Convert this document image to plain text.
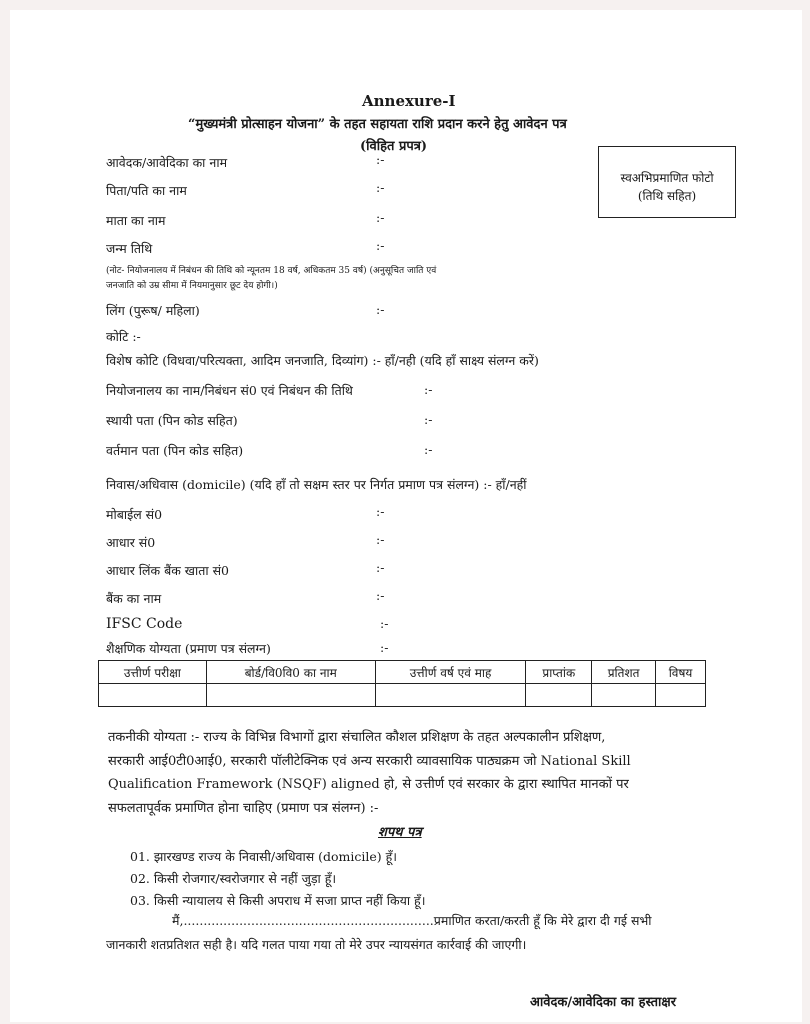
Annexure-I
“मुख्यमंत्री प्रोत्साहन योजना” के तहत सहायता राशि प्रदान करने हेतु आवेदन पत्र
(विहित प्रपत्र)
स्वअभिप्रमाणित फोटो
(तिथि सहित)
आवेदक/आवेदिका का नाम	:-
पिता/पति का नाम	:-
माता का नाम	:-
जन्म तिथि	:-
(नोट- नियोजनालय में निबंधन की तिथि को न्यूनतम 18 वर्ष, अधिकतम 35 वर्ष) (अनुसूचित जाति एवं
जनजाति को उम्र सीमा में नियमानुसार छूट देय होगी।)
लिंग (पुरूष/ महिला)	:-
कोटि :-
विशेष कोटि (विधवा/परित्यक्ता, आदिम जनजाति, दिव्यांग) :- हाँ/नही (यदि हाँ साक्ष्य संलग्न करें)
नियोजनालय का नाम/निबंधन सं0 एवं निबंधन की तिथि	:-
स्थायी पता (पिन कोड सहित)	:-
वर्तमान पता (पिन कोड सहित)	:-
निवास/अधिवास (domicile) (यदि हाँ तो सक्षम स्तर पर निर्गत प्रमाण पत्र संलग्न) :- हाँ/नहीं
मोबाईल सं0	:-
आधार सं0	:-
आधार लिंक बैंक खाता सं0	:-
बैंक का नाम	:-
IFSC Code	:-
शैक्षणिक योग्यता (प्रमाण पत्र संलग्न)	:-
उत्तीर्ण परीक्षा	बोर्ड/वि0वि0 का नाम	उत्तीर्ण वर्ष एवं माह	प्राप्तांक	प्रतिशत	विषय

तकनीकी योग्यता :- राज्य के विभिन्न विभागों द्वारा संचालित कौशल प्रशिक्षण के तहत अल्पकालीन प्रशिक्षण,
सरकारी आई0टी0आई0, सरकारी पॉलीटेक्निक एवं अन्य सरकारी व्यावसायिक पाठ्यक्रम जो National Skill
Qualification Framework (NSQF) aligned हो, से उत्तीर्ण एवं सरकार के द्वारा स्थापित मानकों पर
सफलतापूर्वक प्रमाणित होना चाहिए (प्रमाण पत्र संलग्न) :-
शपथ पत्र
01. झारखण्ड राज्य के निवासी/अधिवास (domicile) हूँ।
02. किसी रोजगार/स्वरोजगार से नहीं जुड़ा हूँ।
03. किसी न्यायालय से किसी अपराध में सजा प्राप्त नहीं किया हूँ।
मैं,...............................................................प्रमाणित करता/करती हूँ कि मेरे द्वारा दी गई सभी
जानकारी शतप्रतिशत सही है। यदि गलत पाया गया तो मेरे उपर न्यायसंगत कार्रवाई की जाएगी।
आवेदक/आवेदिका का हस्ताक्षर
